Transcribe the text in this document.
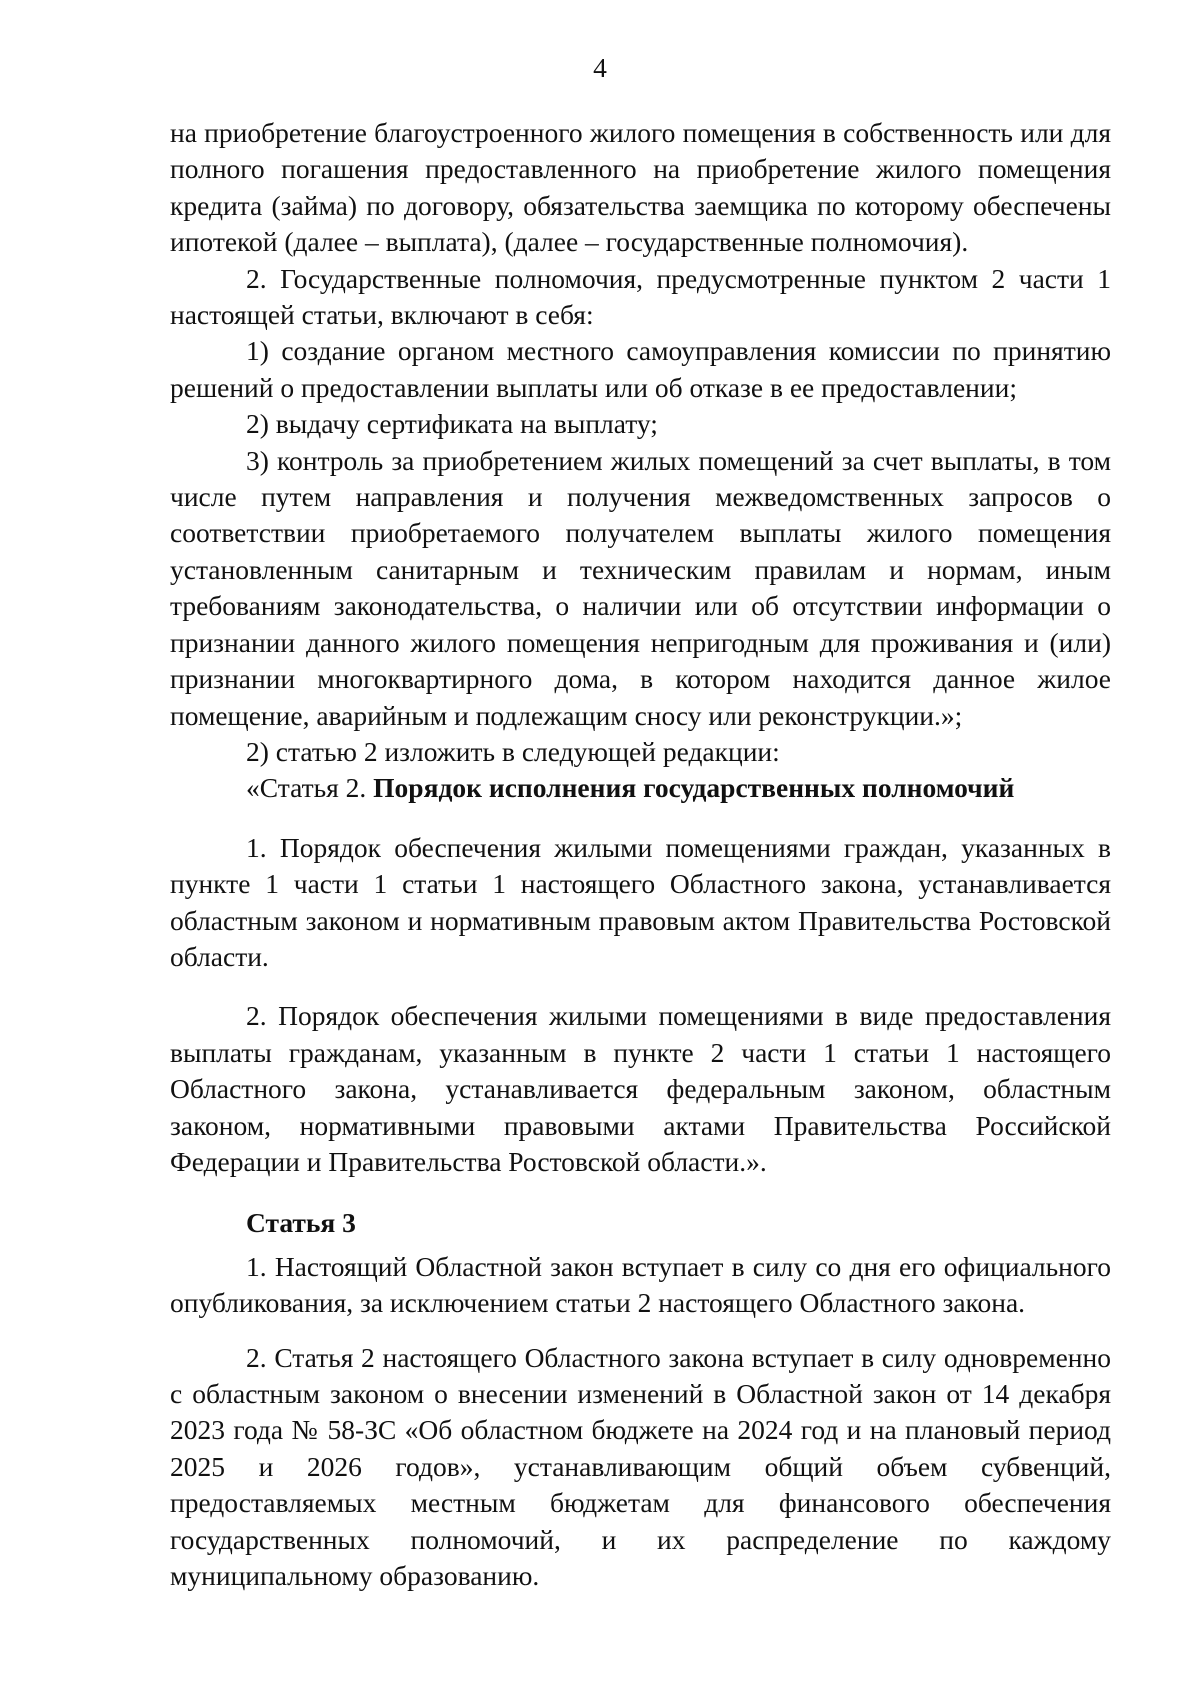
4

на приобретение благоустроенного жилого помещения в собственность или для полного погашения предоставленного на приобретение жилого помещения кредита (займа) по договору, обязательства заемщика по которому обеспечены ипотекой (далее – выплата), (далее – государственные полномочия).

2. Государственные полномочия, предусмотренные пунктом 2 части 1 настоящей статьи, включают в себя:

1) создание органом местного самоуправления комиссии по принятию решений о предоставлении выплаты или об отказе в ее предоставлении;

2) выдачу сертификата на выплату;

3) контроль за приобретением жилых помещений за счет выплаты, в том числе путем направления и получения межведомственных запросов о соответствии приобретаемого получателем выплаты жилого помещения установленным санитарным и техническим правилам и нормам, иным требованиям законодательства, о наличии или об отсутствии информации о признании данного жилого помещения непригодным для проживания и (или) признании многоквартирного дома, в котором находится данное жилое помещение, аварийным и подлежащим сносу или реконструкции.»;

2) статью 2 изложить в следующей редакции:

«Статья 2. Порядок исполнения государственных полномочий

1. Порядок обеспечения жилыми помещениями граждан, указанных в пункте 1 части 1 статьи 1 настоящего Областного закона, устанавливается областным законом и нормативным правовым актом Правительства Ростовской области.

2. Порядок обеспечения жилыми помещениями в виде предоставления выплаты гражданам, указанным в пункте 2 части 1 статьи 1 настоящего Областного закона, устанавливается федеральным законом, областным законом, нормативными правовыми актами Правительства Российской Федерации и Правительства Ростовской области.».

Статья 3

1. Настоящий Областной закон вступает в силу со дня его официального опубликования, за исключением статьи 2 настоящего Областного закона.

2. Статья 2 настоящего Областного закона вступает в силу одновременно с областным законом о внесении изменений в Областной закон от 14 декабря 2023 года № 58-ЗС «Об областном бюджете на 2024 год и на плановый период 2025 и 2026 годов», устанавливающим общий объем субвенций, предоставляемых местным бюджетам для финансового обеспечения государственных полномочий, и их распределение по каждому муниципальному образованию.
